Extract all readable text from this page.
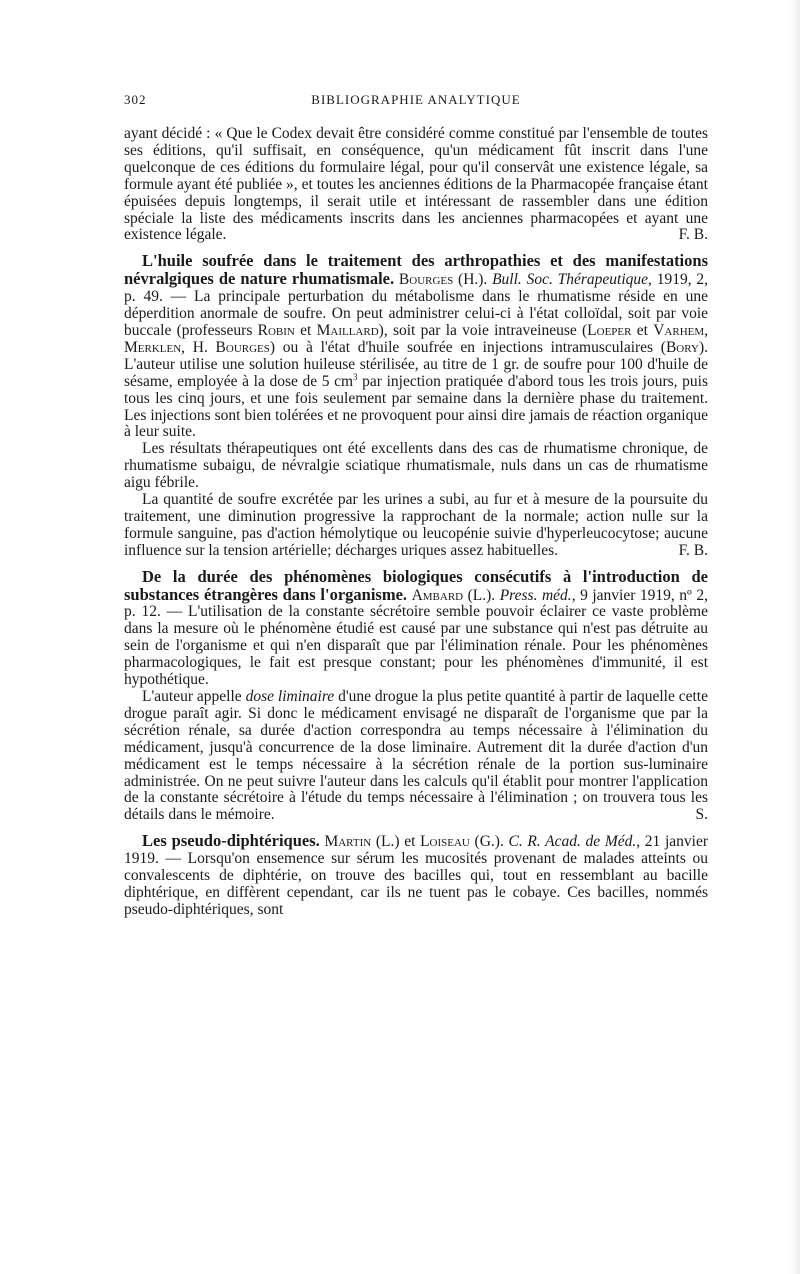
302	BIBLIOGRAPHIE ANALYTIQUE

ayant décidé : « Que le Codex devait être considéré comme constitué par l'ensemble de toutes ses éditions, qu'il suffisait, en conséquence, qu'un médicament fût inscrit dans l'une quelconque de ces éditions du formulaire légal, pour qu'il conservât une existence légale, sa formule ayant été publiée », et toutes les anciennes éditions de la Pharmacopée française étant épuisées depuis longtemps, il serait utile et intéressant de rassembler dans une édition spéciale la liste des médicaments inscrits dans les anciennes pharmacopées et ayant une existence légale.	F. B.

L'huile soufrée dans le traitement des arthropathies et des manifestations névralgiques de nature rhumatismale. Bourges (H.). Bull. Soc. Thérapeutique, 1919, 2, p. 49. — La principale perturbation du métabolisme dans le rhumatisme réside en une déperdition anormale de soufre. On peut administrer celui-ci à l'état colloïdal, soit par voie buccale (professeurs Robin et Maillard), soit par la voie intraveineuse (Loeper et Varhem, Merklen, H. Bourges) ou à l'état d'huile soufrée en injections intramusculaires (Bory). L'auteur utilise une solution huileuse stérilisée, au titre de 1 gr. de soufre pour 100 d'huile de sésame, employée à la dose de 5 $cm^3$ par injection pratiquée d'abord tous les trois jours, puis tous les cinq jours, et une fois seulement par semaine dans la dernière phase du traitement. Les injections sont bien tolérées et ne provoquent pour ainsi dire jamais de réaction organique à leur suite.

Les résultats thérapeutiques ont été excellents dans des cas de rhumatisme chronique, de rhumatisme subaigu, de névralgie sciatique rhumatismale, nuls dans un cas de rhumatisme aigu fébrile.

La quantité de soufre excrétée par les urines a subi, au fur et à mesure de la poursuite du traitement, une diminution progressive la rapprochant de la normale; action nulle sur la formule sanguine, pas d'action hémolytique ou leucopénie suivie d'hyperleucocytose; aucune influence sur la tension artérielle; décharges uriques assez habituelles.	F. B.

De la durée des phénomènes biologiques consécutifs à l'introduction de substances étrangères dans l'organisme. Ambard (L.). Press. méd., 9 janvier 1919, nº 2, p. 12. — L'utilisation de la constante sécrétoire semble pouvoir éclairer ce vaste problème dans la mesure où le phénomène étudié est causé par une substance qui n'est pas détruite au sein de l'organisme et qui n'en disparaît que par l'élimination rénale. Pour les phénomènes pharmacologiques, le fait est presque constant; pour les phénomènes d'immunité, il est hypothétique.

L'auteur appelle dose liminaire d'une drogue la plus petite quantité à partir de laquelle cette drogue paraît agir. Si donc le médicament envisagé ne disparaît de l'organisme que par la sécrétion rénale, sa durée d'action correspondra au temps nécessaire à l'élimination du médicament, jusqu'à concurrence de la dose liminaire. Autrement dit la durée d'action d'un médicament est le temps nécessaire à la sécrétion rénale de la portion sus-luminaire administrée. On ne peut suivre l'auteur dans les calculs qu'il établit pour montrer l'application de la constante sécrétoire à l'étude du temps nécessaire à l'élimination ; on trouvera tous les détails dans le mémoire.	S.

Les pseudo-diphtériques. Martin (L.) et Loiseau (G.). C. R. Acad. de Méd., 21 janvier 1919. — Lorsqu'on ensemence sur sérum les mucosités provenant de malades atteints ou convalescents de diphtérie, on trouve des bacilles qui, tout en ressemblant au bacille diphtérique, en diffèrent cependant, car ils ne tuent pas le cobaye. Ces bacilles, nommés pseudo-diphtériques, sont
